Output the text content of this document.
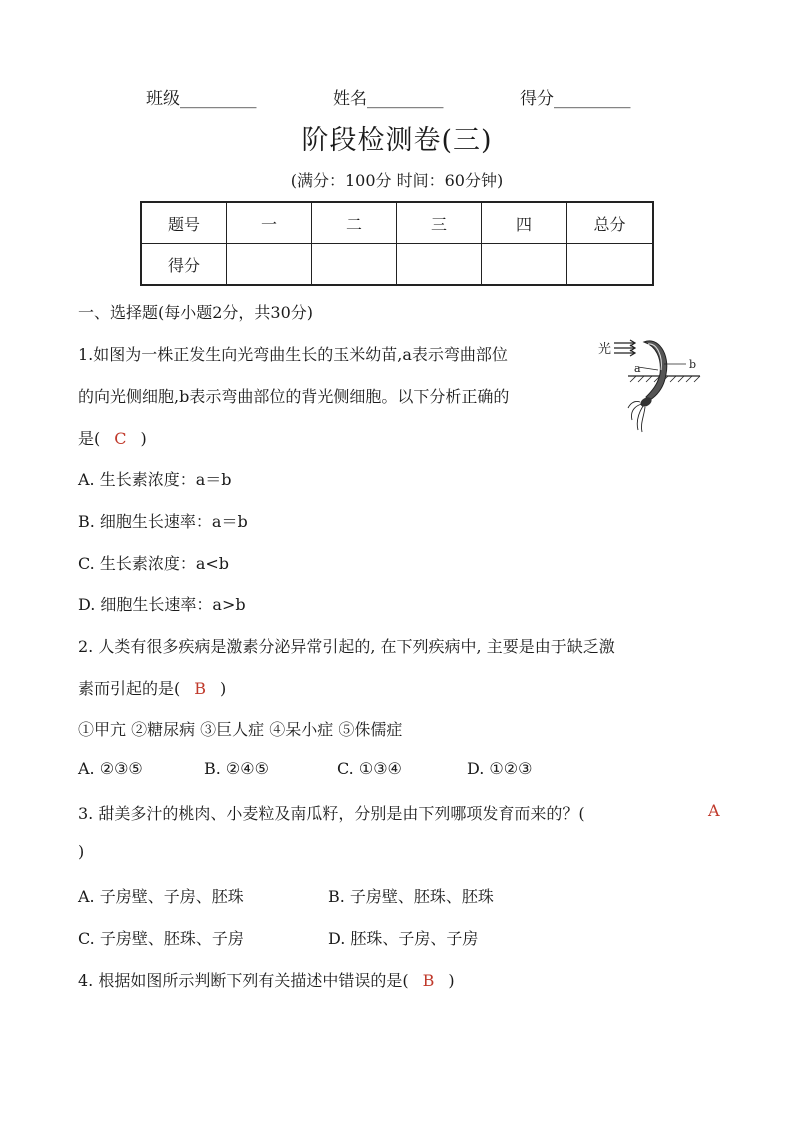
班级_________	姓名_________	得分_________
阶段检测卷(三)
(满分：100分 时间：60分钟)
题号	一	二	三	四	总分
得分					
一、选择题(每小题2分，共30分)
光
a	b
1.如图为一株正发生向光弯曲生长的玉米幼苗,a表示弯曲部位
的向光侧细胞,b表示弯曲部位的背光侧细胞。以下分析正确的
是( C )
A. 生长素浓度：a＝b
B. 细胞生长速率：a＝b
C. 生长素浓度：a<b
D. 细胞生长速率：a>b
2. 人类有很多疾病是激素分泌异常引起的, 在下列疾病中, 主要是由于缺乏激
素而引起的是( B )
①甲亢 ②糖尿病 ③巨人症 ④呆小症 ⑤侏儒症
A. ②③⑤	B. ②④⑤	C. ①③④	D. ①②③
3. 甜美多汁的桃肉、小麦粒及南瓜籽，分别是由下列哪项发育而来的？(	A
)
A. 子房壁、子房、胚珠	B. 子房壁、胚珠、胚珠
C. 子房壁、胚珠、子房	D. 胚珠、子房、子房
4. 根据如图所示判断下列有关描述中错误的是( B )
